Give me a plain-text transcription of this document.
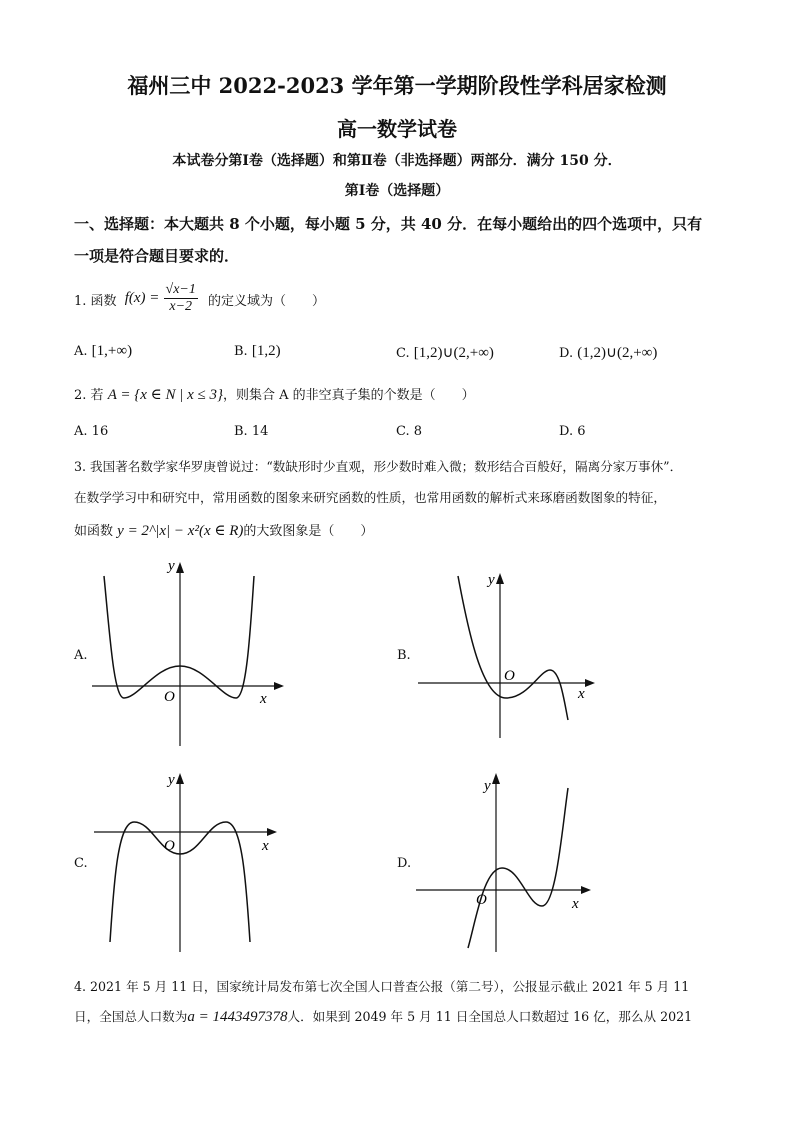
福州三中 2022-2023 学年第一学期阶段性学科居家检测
高一数学试卷
本试卷分第Ⅰ卷（选择题）和第Ⅱ卷（非选择题）两部分．满分 150 分．
第Ⅰ卷（选择题）
一、选择题：本大题共 8 个小题，每小题 5 分，共 40 分．在每小题给出的四个选项中，只有
一项是符合题目要求的．
1. 函数 $f(x) = \frac{√x-1}{x-2}$ 的定义域为（　　）
A. [1,+∞)	B. [1,2)	C. [1,2)∪(2,+∞)	D. (1,2)∪(2,+∞)
2. 若 A = {x ∈ N | x ≤ 3}，则集合 A 的非空真子集的个数是（　　）
A. 16	B. 14	C. 8	D. 6
3. 我国著名数学家华罗庚曾说过：“数缺形时少直观，形少数时难入微；数形结合百般好，隔离分家万事休”．
在数学学习中和研究中，常用函数的图象来研究函数的性质，也常用函数的解析式来琢磨函数图象的特征，
如函数 y = 2^|x| − x²(x ∈ R)的大致图象是（　　）
A.	B.
C.	D.
y
x
O
y
x
O
y
x
O
y
x
O
4. 2021 年 5 月 11 日，国家统计局发布第七次全国人口普查公报（第二号），公报显示截止 2021 年 5 月 11
日，全国总人口数为a = 1443497378人．如果到 2049 年 5 月 11 日全国总人口数超过 16 亿，那么从 2021
